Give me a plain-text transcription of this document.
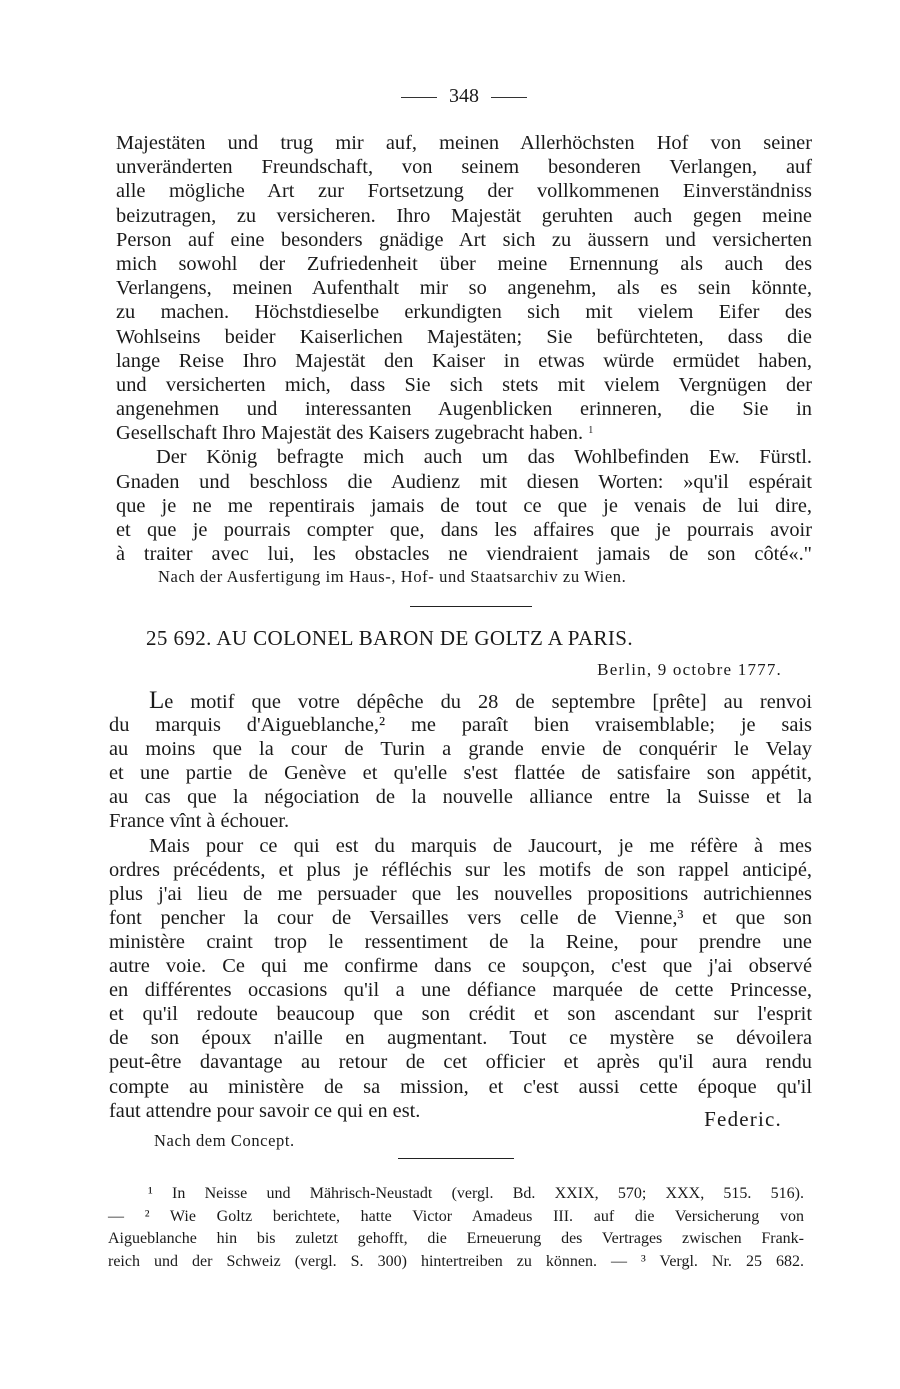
348
Majestäten und trug mir auf, meinen Allerhöchsten Hof von seiner
unveränderten Freundschaft, von seinem besonderen Verlangen, auf
alle mögliche Art zur Fortsetzung der vollkommenen Einverständniss
beizutragen, zu versicheren. Ihro Majestät geruhten auch gegen meine
Person auf eine besonders gnädige Art sich zu äussern und versicherten
mich sowohl der Zufriedenheit über meine Ernennung als auch des
Verlangens, meinen Aufenthalt mir so angenehm, als es sein könnte,
zu machen. Höchstdieselbe erkundigten sich mit vielem Eifer des
Wohlseins beider Kaiserlichen Majestäten; Sie befürchteten, dass die
lange Reise Ihro Majestät den Kaiser in etwas würde ermüdet haben,
und versicherten mich, dass Sie sich stets mit vielem Vergnügen der
angenehmen und interessanten Augenblicken erinneren, die Sie in
Gesellschaft Ihro Majestät des Kaisers zugebracht haben. $^1$
Der König befragte mich auch um das Wohlbefinden Ew. Fürstl.
Gnaden und beschloss die Audienz mit diesen Worten: »qu'il espérait
que je ne me repentirais jamais de tout ce que je venais de lui dire,
et que je pourrais compter que, dans les affaires que je pourrais avoir
à traiter avec lui, les obstacles ne viendraient jamais de son côté«."
Nach der Ausfertigung im Haus-, Hof- und Staatsarchiv zu Wien.
25 692. AU COLONEL BARON DE GOLTZ A PARIS.
Berlin, 9 octobre 1777.
Le motif que votre dépêche du 28 de septembre [prête] au renvoi
du marquis d'Aigueblanche,² me paraît bien vraisemblable; je sais
au moins que la cour de Turin a grande envie de conquérir le Velay
et une partie de Genève et qu'elle s'est flattée de satisfaire son appétit,
au cas que la négociation de la nouvelle alliance entre la Suisse et la
France vînt à échouer.
Mais pour ce qui est du marquis de Jaucourt, je me réfère à mes
ordres précédents, et plus je réfléchis sur les motifs de son rappel anticipé,
plus j'ai lieu de me persuader que les nouvelles propositions autrichiennes
font pencher la cour de Versailles vers celle de Vienne,³ et que son
ministère craint trop le ressentiment de la Reine, pour prendre une
autre voie. Ce qui me confirme dans ce soupçon, c'est que j'ai observé
en différentes occasions qu'il a une défiance marquée de cette Princesse,
et qu'il redoute beaucoup que son crédit et son ascendant sur l'esprit
de son époux n'aille en augmentant. Tout ce mystère se dévoilera
peut-être davantage au retour de cet officier et après qu'il aura rendu
compte au ministère de sa mission, et c'est aussi cette époque qu'il
faut attendre pour savoir ce qui en est.	Federic.
Nach dem Concept.
¹ In Neisse und Mährisch-Neustadt (vergl. Bd. XXIX, 570; XXX, 515. 516).
— ² Wie Goltz berichtete, hatte Victor Amadeus III. auf die Versicherung von
Aigueblanche hin bis zuletzt gehofft, die Erneuerung des Vertrages zwischen Frank-
reich und der Schweiz (vergl. S. 300) hintertreiben zu können. — ³ Vergl. Nr. 25 682.
